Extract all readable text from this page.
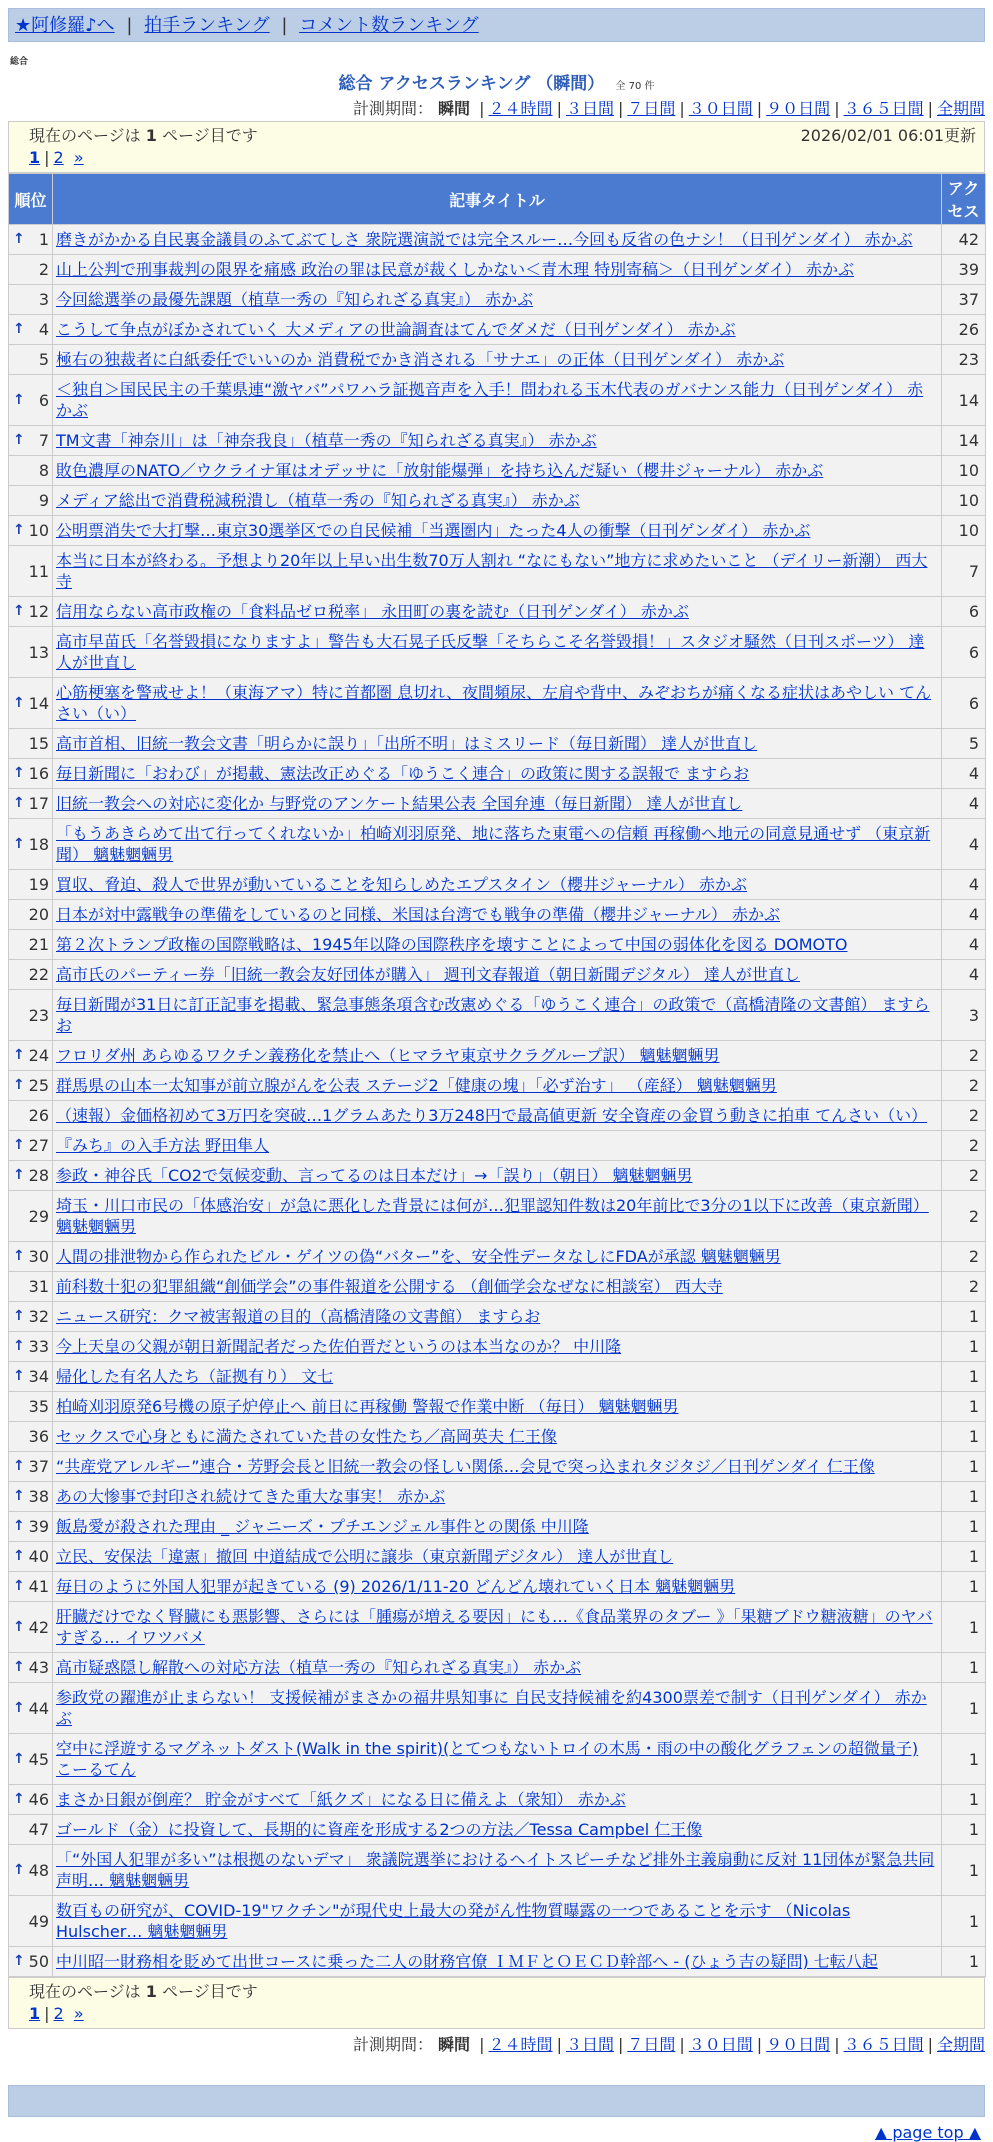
★阿修羅♪へ | 拍手ランキング | コメント数ランキング
総合
総合 アクセスランキング （瞬間） 全 70 件
計測期間： 瞬間 | ２４時間 | ３日間 | ７日間 | ３０日間 | ９０日間 | ３６５日間 | 全期間
現在のページは 1 ページ目です	2026/02/01 06:01更新
1 | 2 »
順位	記事タイトル	アクセス

↑ 1	磨きがかかる自民裏金議員のふてぶてしさ 衆院選演説では完全スルー…今回も反省の色ナシ！（日刊ゲンダイ） 赤かぶ	42
2	山上公判で刑事裁判の限界を痛感 政治の罪は民意が裁くしかない＜青木理 特別寄稿＞（日刊ゲンダイ） 赤かぶ	39
3	今回総選挙の最優先課題（植草一秀の『知られざる真実』） 赤かぶ	37

↑ 4	こうして争点がぼかされていく 大メディアの世論調査はてんでダメだ（日刊ゲンダイ） 赤かぶ	26
5	極右の独裁者に白紙委任でいいのか 消費税でかき消される「サナエ」の正体（日刊ゲンダイ） 赤かぶ	23

↑ 6	＜独自＞国民民主の千葉県連“激ヤバ”パワハラ証拠音声を入手！問われる玉木代表のガバナンス能力（日刊ゲンダイ） 赤かぶ	14

↑ 7	TM文書「神奈川」は「神奈我良」（植草一秀の『知られざる真実』） 赤かぶ	14
8	敗色濃厚のNATO／ウクライナ軍はオデッサに「放射能爆弾」を持ち込んだ疑い（櫻井ジャーナル） 赤かぶ	10
9	メディア総出で消費税減税潰し（植草一秀の『知られざる真実』） 赤かぶ	10

↑ 10	公明票消失で大打撃…東京30選挙区での自民候補「当選圏内」たった4人の衝撃（日刊ゲンダイ） 赤かぶ	10
11	本当に日本が終わる。予想より20年以上早い出生数70万人割れ “なにもない”地方に求めたいこと （デイリー新潮） 西大寺	7

↑ 12	信用ならない高市政権の「食料品ゼロ税率」 永田町の裏を読む（日刊ゲンダイ） 赤かぶ	6
13	高市早苗氏「名誉毀損になりますよ」警告も大石晃子氏反撃「そちらこそ名誉毀損！」スタジオ騒然（日刊スポーツ） 達人が世直し	6

↑ 14	心筋梗塞を警戒せよ！（東海アマ）特に首都圏 息切れ、夜間頻尿、左肩や背中、みぞおちが痛くなる症状はあやしい てんさい（い）	6
15	高市首相、旧統一教会文書「明らかに誤り」「出所不明」はミスリード（毎日新聞） 達人が世直し	5

↑ 16	毎日新聞に「おわび」が掲載、憲法改正めぐる「ゆうこく連合」の政策に関する誤報で ますらお	4

↑ 17	旧統一教会への対応に変化か 与野党のアンケート結果公表 全国弁連（毎日新聞） 達人が世直し	4

↑ 18	「もうあきらめて出て行ってくれないか」柏崎刈羽原発、地に落ちた東電への信頼 再稼働へ地元の同意見通せず （東京新聞） 魑魅魍魎男	4
19	買収、脅迫、殺人で世界が動いていることを知らしめたエプスタイン（櫻井ジャーナル） 赤かぶ	4
20	日本が対中露戦争の準備をしているのと同様、米国は台湾でも戦争の準備（櫻井ジャーナル） 赤かぶ	4
21	第２次トランプ政権の国際戦略は、1945年以降の国際秩序を壊すことによって中国の弱体化を図る DOMOTO	4
22	高市氏のパーティー券「旧統一教会友好団体が購入」 週刊文春報道（朝日新聞デジタル） 達人が世直し	4
23	毎日新聞が31日に訂正記事を掲載、緊急事態条項含む改憲めぐる「ゆうこく連合」の政策で（高橋清隆の文書館） ますらお	3

↑ 24	フロリダ州 あらゆるワクチン義務化を禁止へ（ヒマラヤ東京サクラグループ訳） 魑魅魍魎男	2

↑ 25	群馬県の山本一太知事が前立腺がんを公表 ステージ2「健康の塊」「必ず治す」 （産経） 魑魅魍魎男	2
26	（速報）金価格初めて3万円を突破…1グラムあたり3万248円で最高値更新 安全資産の金買う動きに拍車 てんさい（い）	2

↑ 27	『みち』の入手方法 野田隼人	2

↑ 28	参政・神谷氏「CO2で気候変動、言ってるのは日本だけ」→「誤り」（朝日） 魑魅魍魎男	2
29	埼玉・川口市民の「体感治安」が急に悪化した背景には何が…犯罪認知件数は20年前比で3分の1以下に改善（東京新聞） 魑魅魍魎男	2

↑ 30	人間の排泄物から作られたビル・ゲイツの偽“バター”を、安全性データなしにFDAが承認 魑魅魍魎男	2
31	前科数十犯の犯罪組織“創価学会”の事件報道を公開する （創価学会なぜなに相談室） 西大寺	2

↑ 32	ニュース研究：クマ被害報道の目的（高橋清隆の文書館） ますらお	1

↑ 33	今上天皇の父親が朝日新聞記者だった佐伯晋だというのは本当なのか？ 中川隆	1

↑ 34	帰化した有名人たち（証拠有り） 文七	1
35	柏崎刈羽原発6号機の原子炉停止へ 前日に再稼働 警報で作業中断 （毎日） 魑魅魍魎男	1
36	セックスで心身ともに満たされていた昔の女性たち／高岡英夫 仁王像	1

↑ 37	“共産党アレルギー”連合・芳野会長と旧統一教会の怪しい関係…会見で突っ込まれタジタジ／日刊ゲンダイ 仁王像	1

↑ 38	あの大惨事で封印され続けてきた重大な事実！ 赤かぶ	1

↑ 39	飯島愛が殺された理由 _ ジャニーズ・プチエンジェル事件との関係 中川隆	1

↑ 40	立民、安保法「違憲」撤回 中道結成で公明に譲歩（東京新聞デジタル） 達人が世直し	1

↑ 41	毎日のように外国人犯罪が起きている (9) 2026/1/11-20 どんどん壊れていく日本 魑魅魍魎男	1

↑ 42	肝臓だけでなく腎臓にも悪影響、さらには「腫瘍が増える要因」にも…《食品業界のタブー 》「果糖ブドウ糖液糖」のヤバすぎる… イワツバメ	1

↑ 43	高市疑惑隠し解散への対応方法（植草一秀の『知られざる真実』） 赤かぶ	1

↑ 44	参政党の躍進が止まらない！ 支援候補がまさかの福井県知事に 自民支持候補を約4300票差で制す（日刊ゲンダイ） 赤かぶ	1

↑ 45	空中に浮遊するマグネットダスト(Walk in the spirit)(とてつもないトロイの木馬・雨の中の酸化グラフェンの超微量子) こーるてん	1

↑ 46	まさか日銀が倒産？ 貯金がすべて「紙クズ」になる日に備えよ（衆知） 赤かぶ	1
47	ゴールド（金）に投資して、長期的に資産を形成する2つの方法／Tessa Campbel 仁王像	1

↑ 48	「“外国人犯罪が多い”は根拠のないデマ」 衆議院選挙におけるヘイトスピーチなど排外主義扇動に反対 11団体が緊急共同声明… 魑魅魍魎男	1
49	数百もの研究が、COVID-19"ワクチン"が現代史上最大の発がん性物質曝露の一つであることを示す （Nicolas Hulscher… 魑魅魍魎男	1

↑ 50	中川昭一財務相を貶めて出世コースに乗った二人の財務官僚 ＩＭＦとＯＥＣＤ幹部へ - (ひょう吉の疑問) 七転八起	1
現在のページは 1 ページ目です
1 | 2 »
計測期間： 瞬間 | ２４時間 | ３日間 | ７日間 | ３０日間 | ９０日間 | ３６５日間 | 全期間
▲ page top ▲
